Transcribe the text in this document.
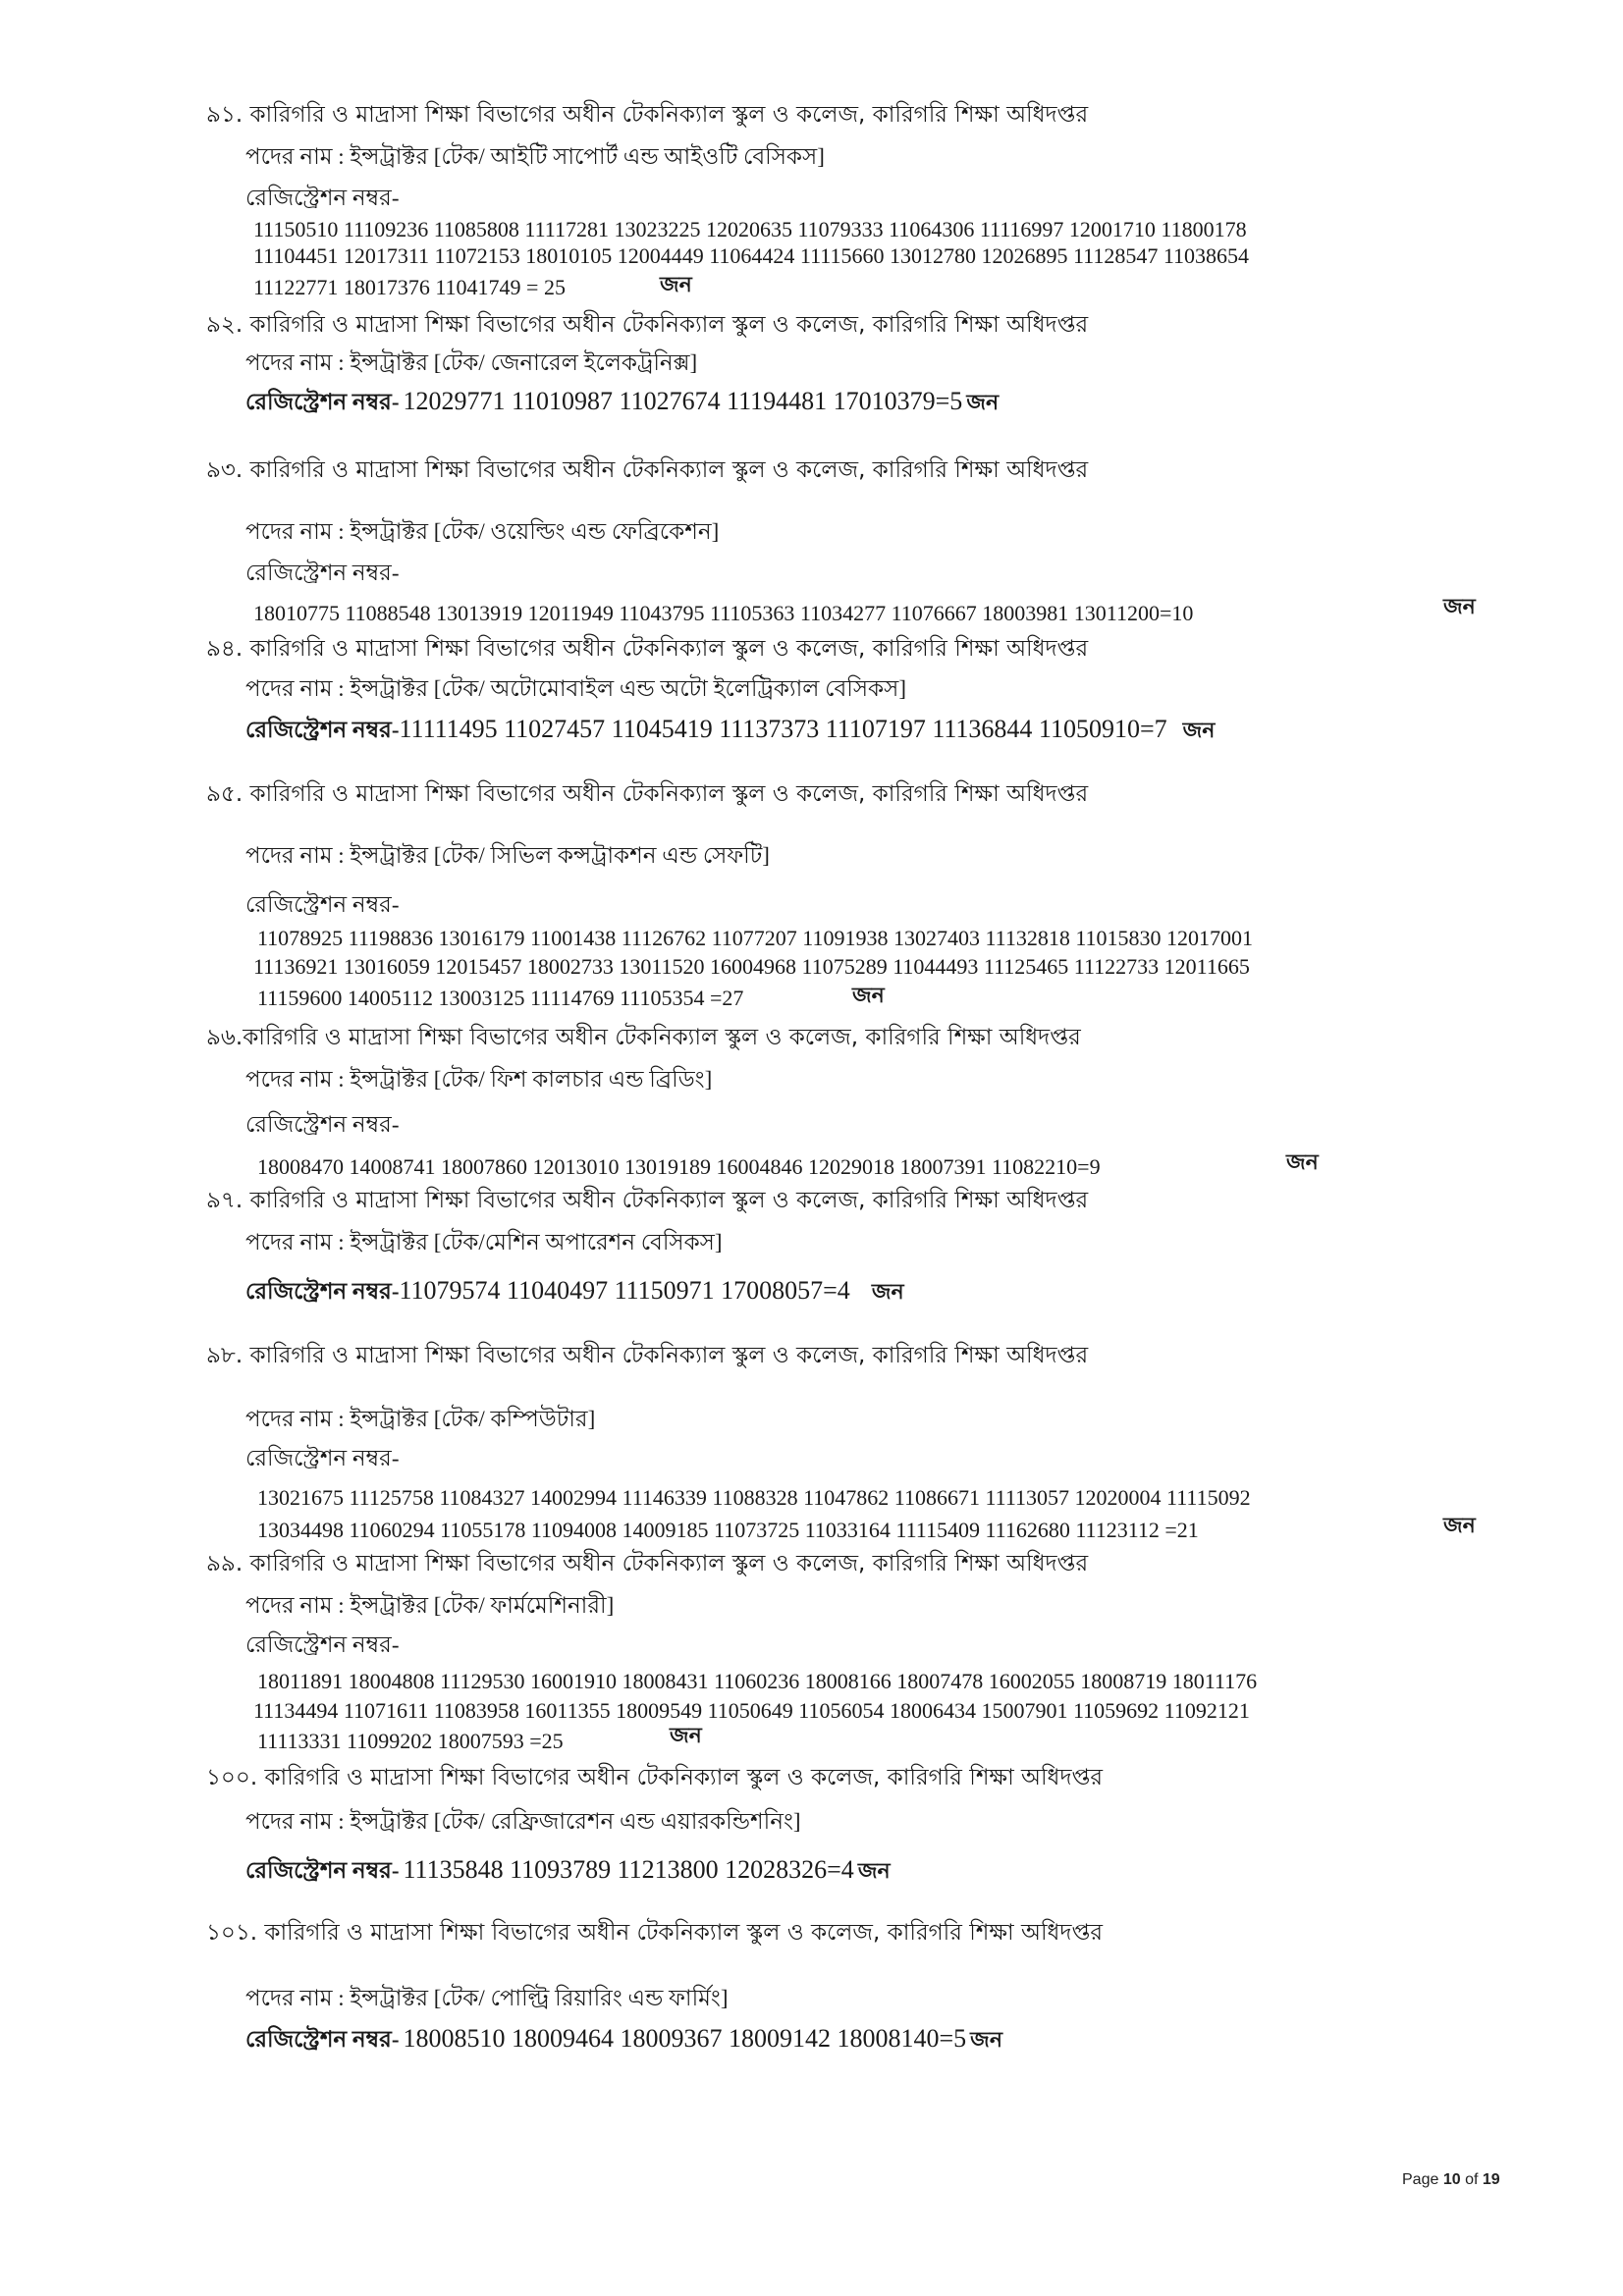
৯১. কারিগরি ও মাদ্রাসা শিক্ষা বিভাগের অধীন টেকনিক্যাল স্কুল ও কলেজ, কারিগরি শিক্ষা অধিদপ্তর
পদের নাম : ইন্সট্রাক্টর [টেক/ আইটি সাপোর্ট এন্ড আইওটি বেসিকস]
রেজিস্ট্রেশন নম্বর-
11150510 11109236 11085808 11117281 13023225 12020635 11079333 11064306 11116997 12001710 11800178
11104451 12017311 11072153 18010105 12004449 11064424 11115660 13012780 12026895 11128547 11038654
11122771 18017376 11041749 = 25	জন
৯২. কারিগরি ও মাদ্রাসা শিক্ষা বিভাগের অধীন টেকনিক্যাল স্কুল ও কলেজ, কারিগরি শিক্ষা অধিদপ্তর
পদের নাম : ইন্সট্রাক্টর [টেক/ জেনারেল ইলেকট্রনিক্স]
রেজিস্ট্রেশন নম্বর- 12029771 11010987 11027674 11194481 17010379=5 জন
৯৩. কারিগরি ও মাদ্রাসা শিক্ষা বিভাগের অধীন টেকনিক্যাল স্কুল ও কলেজ, কারিগরি শিক্ষা অধিদপ্তর
পদের নাম : ইন্সট্রাক্টর [টেক/ ওয়েল্ডিং এন্ড ফেব্রিকেশন]
রেজিস্ট্রেশন নম্বর-
18010775 11088548 13013919 12011949 11043795 11105363 11034277 11076667 18003981 13011200=10	জন
৯৪. কারিগরি ও মাদ্রাসা শিক্ষা বিভাগের অধীন টেকনিক্যাল স্কুল ও কলেজ, কারিগরি শিক্ষা অধিদপ্তর
পদের নাম : ইন্সট্রাক্টর [টেক/ অটোমোবাইল এন্ড অটো ইলেট্রিক্যাল বেসিকস]
রেজিস্ট্রেশন নম্বর-11111495 11027457 11045419 11137373 11107197 11136844 11050910=7 জন
৯৫. কারিগরি ও মাদ্রাসা শিক্ষা বিভাগের অধীন টেকনিক্যাল স্কুল ও কলেজ, কারিগরি শিক্ষা অধিদপ্তর
পদের নাম : ইন্সট্রাক্টর [টেক/ সিভিল কন্সট্রাকশন এন্ড সেফটি]
রেজিস্ট্রেশন নম্বর-
11078925 11198836 13016179 11001438 11126762 11077207 11091938 13027403 11132818 11015830 12017001
11136921 13016059 12015457 18002733 13011520 16004968 11075289 11044493 11125465 11122733 12011665
11159600 14005112 13003125 11114769 11105354 =27	জন
৯৬.কারিগরি ও মাদ্রাসা শিক্ষা বিভাগের অধীন টেকনিক্যাল স্কুল ও কলেজ, কারিগরি শিক্ষা অধিদপ্তর
পদের নাম : ইন্সট্রাক্টর [টেক/ ফিশ কালচার এন্ড ব্রিডিং]
রেজিস্ট্রেশন নম্বর-
18008470 14008741 18007860 12013010 13019189 16004846 12029018 18007391 11082210=9	জন
৯৭. কারিগরি ও মাদ্রাসা শিক্ষা বিভাগের অধীন টেকনিক্যাল স্কুল ও কলেজ, কারিগরি শিক্ষা অধিদপ্তর
পদের নাম : ইন্সট্রাক্টর [টেক/মেশিন অপারেশন বেসিকস]
রেজিস্ট্রেশন নম্বর-11079574 11040497 11150971 17008057=4 জন
৯৮. কারিগরি ও মাদ্রাসা শিক্ষা বিভাগের অধীন টেকনিক্যাল স্কুল ও কলেজ, কারিগরি শিক্ষা অধিদপ্তর
পদের নাম : ইন্সট্রাক্টর [টেক/ কম্পিউটার]
রেজিস্ট্রেশন নম্বর-
13021675 11125758 11084327 14002994 11146339 11088328 11047862 11086671 11113057 12020004 11115092
13034498 11060294 11055178 11094008 14009185 11073725 11033164 11115409 11162680 11123112 =21	জন
৯৯. কারিগরি ও মাদ্রাসা শিক্ষা বিভাগের অধীন টেকনিক্যাল স্কুল ও কলেজ, কারিগরি শিক্ষা অধিদপ্তর
পদের নাম : ইন্সট্রাক্টর [টেক/ ফার্মমেশিনারী]
রেজিস্ট্রেশন নম্বর-
18011891 18004808 11129530 16001910 18008431 11060236 18008166 18007478 16002055 18008719 18011176
11134494 11071611 11083958 16011355 18009549 11050649 11056054 18006434 15007901 11059692 11092121
11113331 11099202 18007593 =25	জন
১০০. কারিগরি ও মাদ্রাসা শিক্ষা বিভাগের অধীন টেকনিক্যাল স্কুল ও কলেজ, কারিগরি শিক্ষা অধিদপ্তর
পদের নাম : ইন্সট্রাক্টর [টেক/ রেফ্রিজারেশন এন্ড এয়ারকন্ডিশনিং]
রেজিস্ট্রেশন নম্বর- 11135848 11093789 11213800 12028326=4 জন
১০১. কারিগরি ও মাদ্রাসা শিক্ষা বিভাগের অধীন টেকনিক্যাল স্কুল ও কলেজ, কারিগরি শিক্ষা অধিদপ্তর
পদের নাম : ইন্সট্রাক্টর [টেক/ পোল্ট্রি রিয়ারিং এন্ড ফার্মিং]
রেজিস্ট্রেশন নম্বর- 18008510 18009464 18009367 18009142 18008140=5 জন
Page 10 of 19
